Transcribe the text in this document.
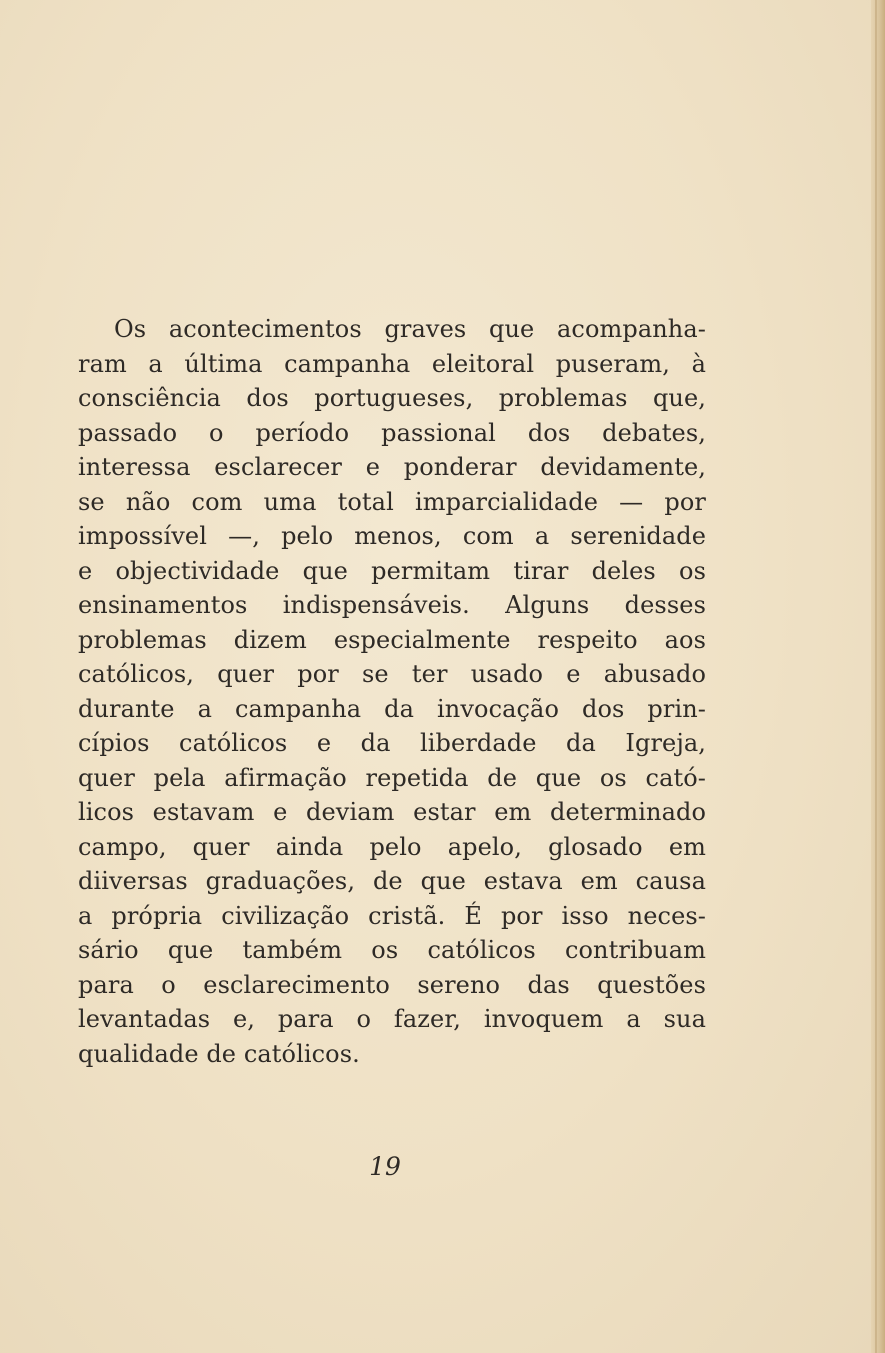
Os acontecimentos graves que acompanha-
ram a última campanha eleitoral puseram, à
consciência dos portugueses, problemas que,
passado o período passional dos debates,
interessa esclarecer e ponderar devidamente,
se não com uma total imparcialidade — por
impossível —, pelo menos, com a serenidade
e objectividade que permitam tirar deles os
ensinamentos indispensáveis. Alguns desses
problemas dizem especialmente respeito aos
católicos, quer por se ter usado e abusado
durante a campanha da invocação dos prin-
cípios católicos e da liberdade da Igreja,
quer pela afirmação repetida de que os cató-
licos estavam e deviam estar em determinado
campo, quer ainda pelo apelo, glosado em
diiversas graduações, de que estava em causa
a própria civilização cristã. É por isso neces-
sário que também os católicos contribuam
para o esclarecimento sereno das questões
levantadas e, para o fazer, invoquem a sua
qualidade de católicos.
19
